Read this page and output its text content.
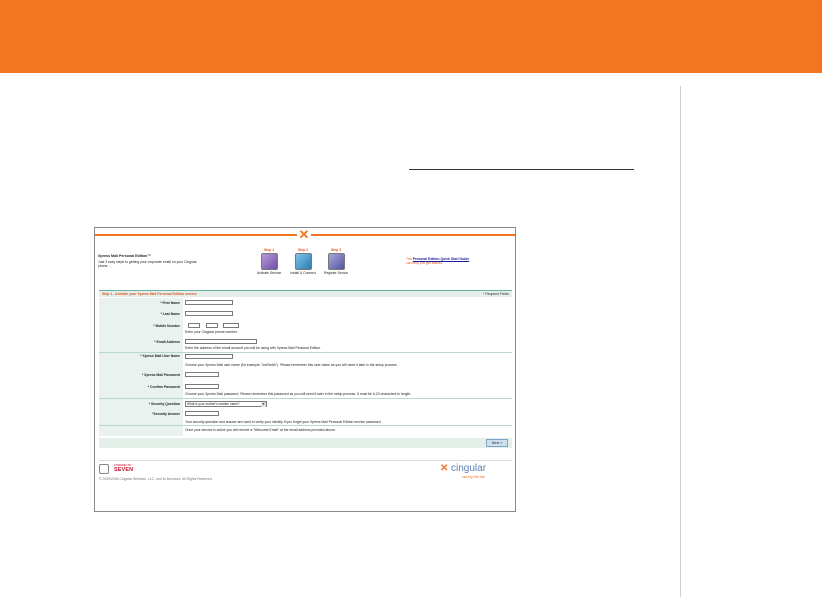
✕
Xpress Mail Personal Edition™
Just 3 easy steps to getting your corporate email on your Cingular phone...
Step 1
Activate Service
Step 2
Install & Connect
Step 3
Register Device
The Personal Edition Quick Start Guide
can help you get started.
Step 1 - Activate your Xpress Mail Personal Edition service	* Required Fields
* First Name
* Last Name
* Mobile Number
Enter your Cingular phone number.
* Email Address
Enter the address of the email account you will be using with Xpress Mail Personal Edition.
* Xpress Mail User Name
Choose your Xpress Mail user name (for example "JoeSmith"). Please remember this user name as you will need it later in the setup process.
* Xpress Mail Password
* Confirm Password
Choose your Xpress Mail password. Please remember this password as you will need it later in the setup process. It must be 6-20 characters in length.
* Security Question	What is your mother's maiden name?	▼
*Security Answer
Your security question and answer are used to verify your identity if you forget your Xpress Mail Personal Edition service password.
Once your service is active you will receive a "Welcome Email" at the email address provided above.
Next >
POWERED BY
SEVEN
© 2005/2006 Cingular Wireless, LLC. and its licensors. All Rights Reserved.
✕ cingular
raising the bar
